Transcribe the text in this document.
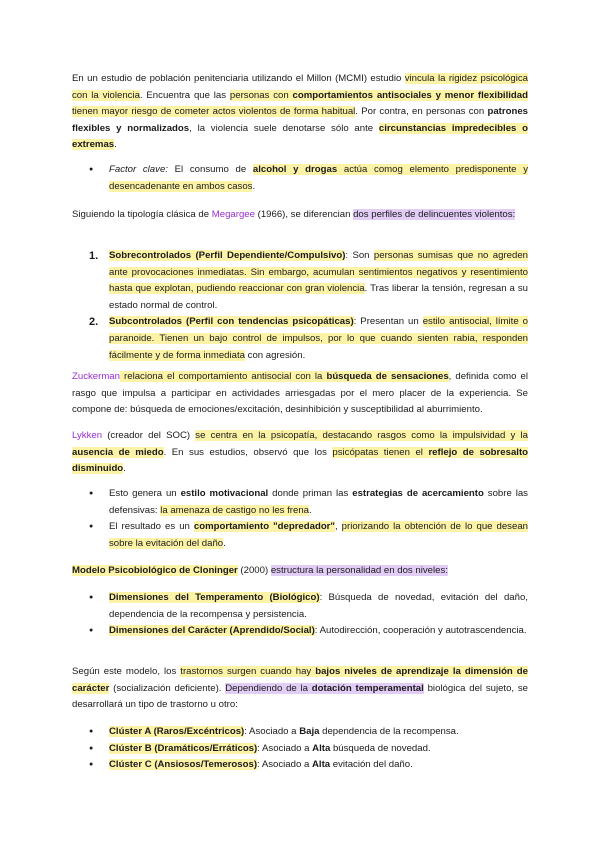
En un estudio de población penitenciaria utilizando el Millon (MCMI) estudio vincula la rigidez psicológica con la violencia. Encuentra que las personas con comportamientos antisociales y menor flexibilidad tienen mayor riesgo de cometer actos violentos de forma habitual. Por contra, en personas con patrones flexibles y normalizados, la violencia suele denotarse sólo ante circunstancias impredecibles o extremas.

● Factor clave: El consumo de alcohol y drogas actúa comog elemento predisponente y desencadenante en ambos casos.

Siguiendo la tipología clásica de Megargee (1966), se diferencian dos perfiles de delincuentes violentos:

1. Sobrecontrolados (Perfil Dependiente/Compulsivo): Son personas sumisas que no agreden ante provocaciones inmediatas. Sin embargo, acumulan sentimientos negativos y resentimiento hasta que explotan, pudiendo reaccionar con gran violencia. Tras liberar la tensión, regresan a su estado normal de control.
2. Subcontrolados (Perfil con tendencias psicopáticas): Presentan un estilo antisocial, límite o paranoide. Tienen un bajo control de impulsos, por lo que cuando sienten rabia, responden fácilmente y de forma inmediata con agresión.

Zuckerman relaciona el comportamiento antisocial con la búsqueda de sensaciones, definida como el rasgo que impulsa a participar en actividades arriesgadas por el mero placer de la experiencia. Se compone de: búsqueda de emociones/excitación, desinhibición y susceptibilidad al aburrimiento.

Lykken (creador del SOC) se centra en la psicopatía, destacando rasgos como la impulsividad y la ausencia de miedo. En sus estudios, observó que los psicópatas tienen el reflejo de sobresalto disminuido.

● Esto genera un estilo motivacional donde priman las estrategias de acercamiento sobre las defensivas: la amenaza de castigo no les frena.
● El resultado es un comportamiento "depredador", priorizando la obtención de lo que desean sobre la evitación del daño.

Modelo Psicobiológico de Cloninger (2000) estructura la personalidad en dos niveles:

● Dimensiones del Temperamento (Biológico): Búsqueda de novedad, evitación del daño, dependencia de la recompensa y persistencia.
● Dimensiones del Carácter (Aprendido/Social): Autodirección, cooperación y autotrascendencia.

Según este modelo, los trastornos surgen cuando hay bajos niveles de aprendizaje la dimensión de carácter (socialización deficiente). Dependiendo de la dotación temperamental biológica del sujeto, se desarrollará un tipo de trastorno u otro:

● Clúster A (Raros/Excéntricos): Asociado a Baja dependencia de la recompensa.
● Clúster B (Dramáticos/Erráticos): Asociado a Alta búsqueda de novedad.
● Clúster C (Ansiosos/Temerosos): Asociado a Alta evitación del daño.
